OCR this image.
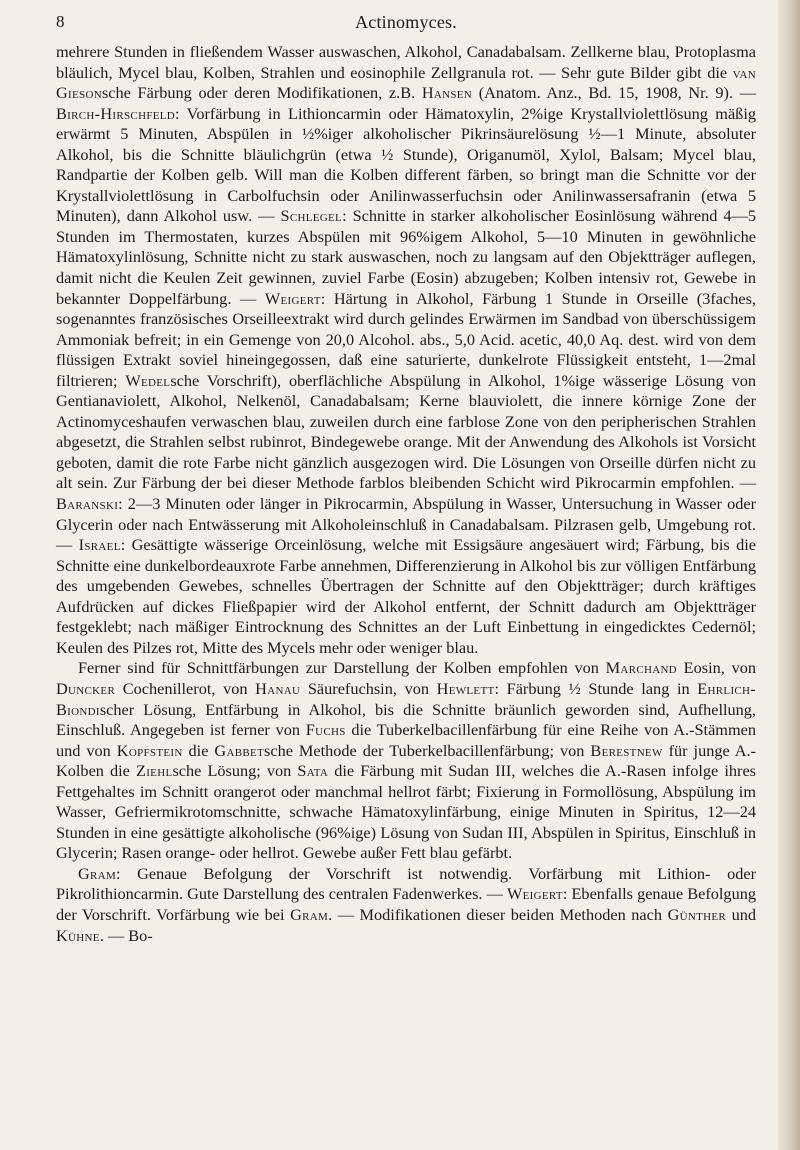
8	Actinomyces.

mehrere Stunden in fließendem Wasser auswaschen, Alkohol, Canadabalsam. Zellkerne blau, Protoplasma bläulich, Mycel blau, Kolben, Strahlen und eosinophile Zellgranula rot. — Sehr gute Bilder gibt die van Giesonsche Färbung oder deren Modifikationen, z.B. Hansen (Anatom. Anz., Bd. 15, 1908, Nr. 9). — Birch-Hirschfeld: Vorfärbung in Lithioncarmin oder Hämatoxylin, 2%ige Krystallviolettlösung mäßig erwärmt 5 Minuten, Abspülen in ½%iger alkoholischer Pikrinsäurelösung ½—1 Minute, absoluter Alkohol, bis die Schnitte bläulichgrün (etwa ½ Stunde), Origanumöl, Xylol, Balsam; Mycel blau, Randpartie der Kolben gelb. Will man die Kolben different färben, so bringt man die Schnitte vor der Krystallviolettlösung in Carbolfuchsin oder Anilinwasserfuchsin oder Anilinwassersafranin (etwa 5 Minuten), dann Alkohol usw. — Schlegel: Schnitte in starker alkoholischer Eosinlösung während 4—5 Stunden im Thermostaten, kurzes Abspülen mit 96%igem Alkohol, 5—10 Minuten in gewöhnliche Hämatoxylinlösung, Schnitte nicht zu stark auswaschen, noch zu langsam auf den Objektträger auflegen, damit nicht die Keulen Zeit gewinnen, zuviel Farbe (Eosin) abzugeben; Kolben intensiv rot, Gewebe in bekannter Doppelfärbung. — Weigert: Härtung in Alkohol, Färbung 1 Stunde in Orseille (3faches, sogenanntes französisches Orseilleextrakt wird durch gelindes Erwärmen im Sandbad von überschüssigem Ammoniak befreit; in ein Gemenge von 20,0 Alcohol. abs., 5,0 Acid. acetic, 40,0 Aq. dest. wird von dem flüssigen Extrakt soviel hineingegossen, daß eine saturierte, dunkelrote Flüssigkeit entsteht, 1—2mal filtrieren; Wedelsche Vorschrift), oberflächliche Abspülung in Alkohol, 1%ige wässerige Lösung von Gentianaviolett, Alkohol, Nelkenöl, Canadabalsam; Kerne blauviolett, die innere körnige Zone der Actinomyceshaufen verwaschen blau, zuweilen durch eine farblose Zone von den peripherischen Strahlen abgesetzt, die Strahlen selbst rubinrot, Bindegewebe orange. Mit der Anwendung des Alkohols ist Vorsicht geboten, damit die rote Farbe nicht gänzlich ausgezogen wird. Die Lösungen von Orseille dürfen nicht zu alt sein. Zur Färbung der bei dieser Methode farblos bleibenden Schicht wird Pikrocarmin empfohlen. — Baranski: 2—3 Minuten oder länger in Pikrocarmin, Abspülung in Wasser, Untersuchung in Wasser oder Glycerin oder nach Entwässerung mit Alkoholeinschluß in Canadabalsam. Pilzrasen gelb, Umgebung rot. — Israel: Gesättigte wässerige Orceinlösung, welche mit Essigsäure angesäuert wird; Färbung, bis die Schnitte eine dunkelbordeauxrote Farbe annehmen, Differenzierung in Alkohol bis zur völligen Entfärbung des umgebenden Gewebes, schnelles Übertragen der Schnitte auf den Objektträger; durch kräftiges Aufdrücken auf dickes Fließpapier wird der Alkohol entfernt, der Schnitt dadurch am Objektträger festgeklebt; nach mäßiger Eintrocknung des Schnittes an der Luft Einbettung in eingedicktes Cedernöl; Keulen des Pilzes rot, Mitte des Mycels mehr oder weniger blau.

Ferner sind für Schnittfärbungen zur Darstellung der Kolben empfohlen von Marchand Eosin, von Duncker Cochenillerot, von Hanau Säurefuchsin, von Hewlett: Färbung ½ Stunde lang in Ehrlich-Biondischer Lösung, Entfärbung in Alkohol, bis die Schnitte bräunlich geworden sind, Aufhellung, Einschluß. Angegeben ist ferner von Fuchs die Tuberkelbacillenfärbung für eine Reihe von A.-Stämmen und von Kopfstein die Gabbetsche Methode der Tuberkelbacillenfärbung; von Berestnew für junge A.-Kolben die Ziehlsche Lösung; von Sata die Färbung mit Sudan III, welches die A.-Rasen infolge ihres Fettgehaltes im Schnitt orangerot oder manchmal hellrot färbt; Fixierung in Formollösung, Abspülung im Wasser, Gefriermikrotomschnitte, schwache Hämatoxylinfärbung, einige Minuten in Spiritus, 12—24 Stunden in eine gesättigte alkoholische (96%ige) Lösung von Sudan III, Abspülen in Spiritus, Einschluß in Glycerin; Rasen orange- oder hellrot. Gewebe außer Fett blau gefärbt.

Gram: Genaue Befolgung der Vorschrift ist notwendig. Vorfärbung mit Lithion- oder Pikrolithioncarmin. Gute Darstellung des centralen Fadenwerkes. — Weigert: Ebenfalls genaue Befolgung der Vorschrift. Vorfärbung wie bei Gram. — Modifikationen dieser beiden Methoden nach Günther und Kühne. — Bo-
